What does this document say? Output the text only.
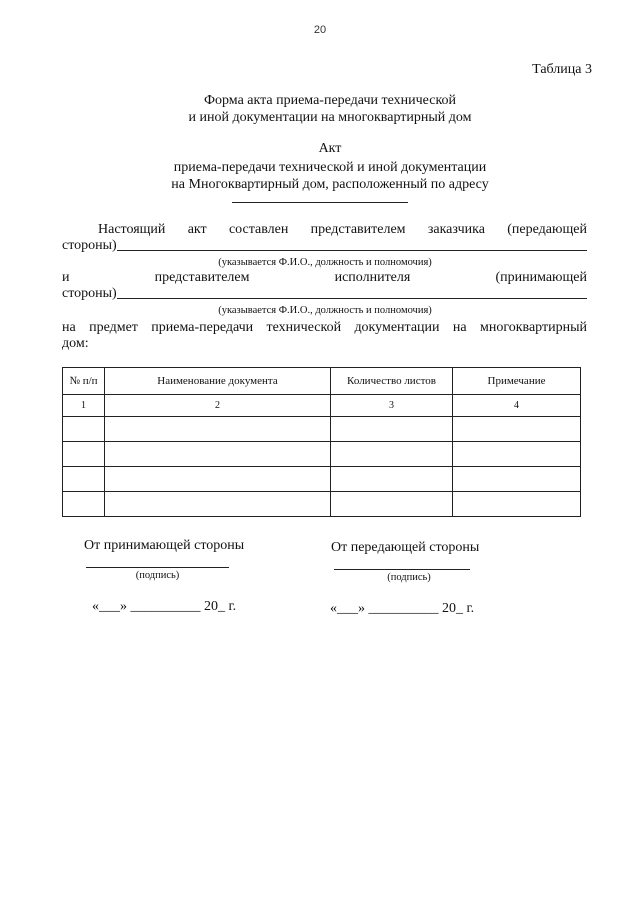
20
Таблица 3
Форма акта приема-передачи технической
и иной документации на многоквартирный дом
Акт
приема-передачи технической и иной документации
на Многоквартирный дом, расположенный по адресу
Настоящий акт составлен представителем заказчика (передающей
стороны)
(указывается Ф.И.О., должность и полномочия)
и	представителем	исполнителя	(принимающей
стороны)
(указывается Ф.И.О., должность и полномочия)
на предмет приема-передачи технической документации на многоквартирный
дом:
№ п/п	Наименование документа	Количество листов	Примечание
1	2	3	4

От принимающей стороны
(подпись)
«___» __________ 20_ г.
От передающей стороны
(подпись)
«___» __________ 20_ г.
